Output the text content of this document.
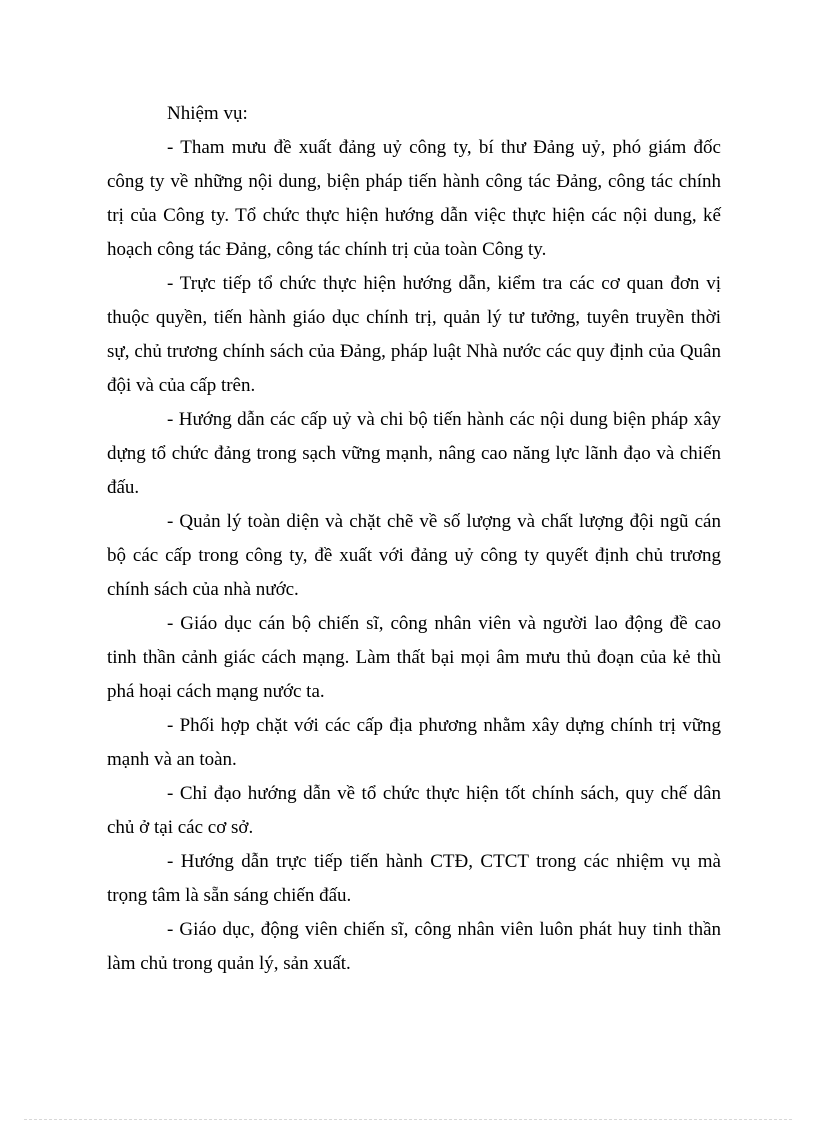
Nhiệm vụ:

- Tham mưu đề xuất đảng uỷ công ty, bí thư Đảng uỷ, phó giám đốc công ty về những nội dung, biện pháp tiến hành công tác Đảng, công tác chính trị của Công ty. Tổ chức thực hiện hướng dẫn việc thực hiện các nội dung, kế hoạch công tác Đảng, công tác chính trị của toàn Công ty.

- Trực tiếp tổ chức thực hiện hướng dẫn, kiểm tra các cơ quan đơn vị thuộc quyền, tiến hành giáo dục chính trị, quản lý tư tưởng, tuyên truyền thời sự, chủ trương chính sách của Đảng, pháp luật Nhà nước các quy định của Quân đội và của cấp trên.

- Hướng dẫn các cấp uỷ và chi bộ tiến hành các nội dung biện pháp xây dựng tổ chức đảng trong sạch vững mạnh, nâng cao năng lực lãnh đạo và chiến đấu.

- Quản lý toàn diện và chặt chẽ về số lượng và chất lượng đội ngũ cán bộ các cấp trong công ty, đề xuất với đảng uỷ công ty quyết định chủ trương chính sách của nhà nước.

- Giáo dục cán bộ chiến sĩ, công nhân viên và người lao động đề cao tinh thần cảnh giác cách mạng. Làm thất bại mọi âm mưu thủ đoạn của kẻ thù phá hoại cách mạng nước ta.

- Phối hợp chặt với các cấp địa phương nhằm xây dựng chính trị vững mạnh và an toàn.

- Chỉ đạo hướng dẫn về tổ chức thực hiện tốt chính sách, quy chế dân chủ ở tại các cơ sở.

- Hướng dẫn trực tiếp tiến hành CTĐ, CTCT trong các nhiệm vụ mà trọng tâm là sẵn sáng chiến đấu.

- Giáo dục, động viên chiến sĩ, công nhân viên luôn phát huy tinh thần làm chủ trong quản lý, sản xuất.
